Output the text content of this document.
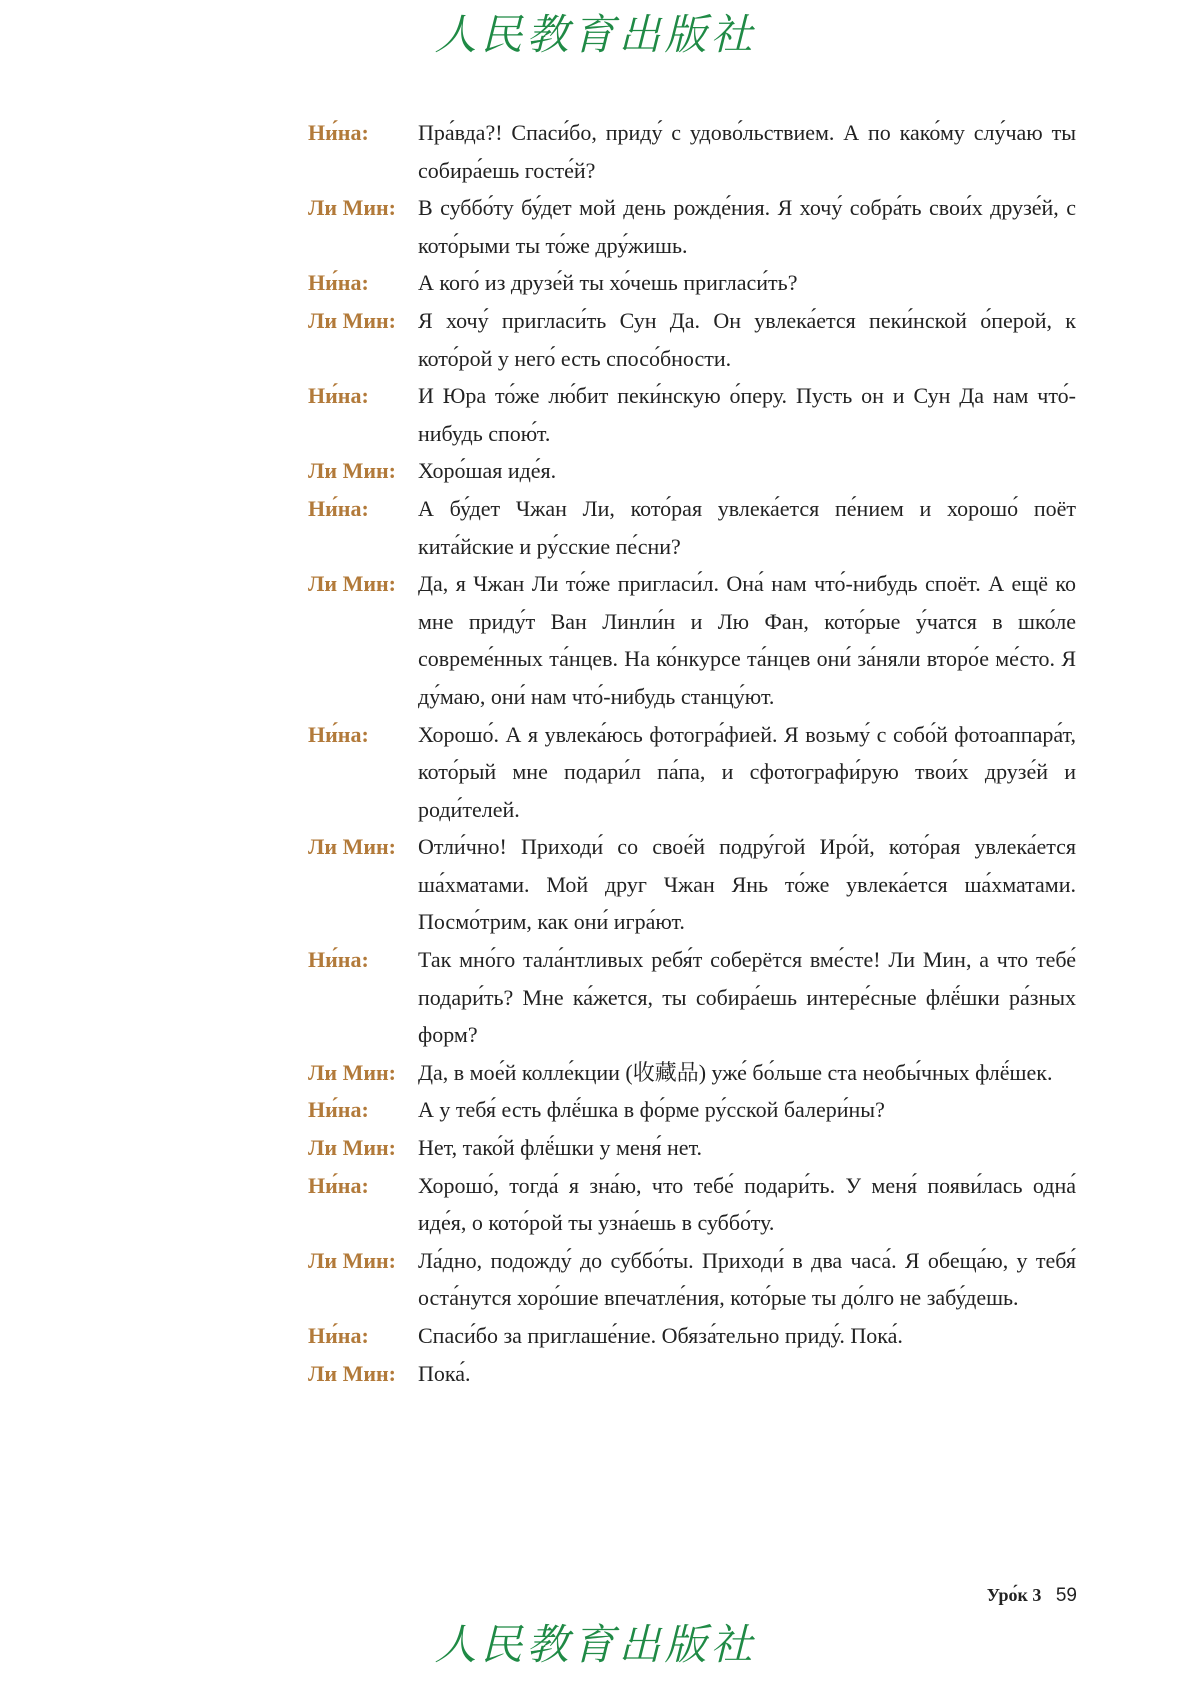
人民教育出版社
Ни́на:	Пра́вда?! Спаси́бо, приду́ с удово́льствием. А по како́му слу́чаю ты собира́ешь госте́й?
Ли Мин: В суббо́ту бу́дет мой день рожде́ния. Я хочу́ собра́ть свои́х друзе́й, с кото́рыми ты то́же дру́жишь.
Ни́на:	А кого́ из друзе́й ты хо́чешь пригласи́ть?
Ли Мин: Я хочу́ пригласи́ть Сун Да. Он увлека́ется пеки́нской о́перой, к кото́рой у него́ есть спосо́бности.
Ни́на:	И Юра то́же лю́бит пеки́нскую о́перу. Пусть он и Сун Да нам что́-нибудь спою́т.
Ли Мин: Хоро́шая иде́я.
Ни́на:	А бу́дет Чжан Ли, кото́рая увлека́ется пе́нием и хорошо́ поёт кита́йские и ру́сские пе́сни?
Ли Мин: Да, я Чжан Ли то́же пригласи́л. Она́ нам что́-нибудь споёт. А ещё ко мне приду́т Ван Линли́н и Лю Фан, кото́рые у́чатся в шко́ле совреме́нных та́нцев. На ко́нкурсе та́нцев они́ за́няли второ́е ме́сто. Я ду́маю, они́ нам что́-нибудь станцу́ют.
Ни́на:	Хорошо́. А я увлека́юсь фотогра́фией. Я возьму́ с собо́й фотоаппара́т, кото́рый мне подари́л па́па, и сфотографи́рую твои́х друзе́й и роди́телей.
Ли Мин: Отли́чно! Приходи́ со свое́й подру́гой Иро́й, кото́рая увлека́ется ша́хматами. Мой друг Чжан Янь то́же увлека́ется ша́хматами. Посмо́трим, как они́ игра́ют.
Ни́на:	Так мно́го тала́нтливых ребя́т соберётся вме́сте! Ли Мин, а что тебе́ подари́ть? Мне ка́жется, ты собира́ешь интере́сные флё́шки ра́зных форм?
Ли Мин: Да, в мое́й колле́кции (收藏品) уже́ бо́льше ста необы́чных флё́шек.
Ни́на:	А у тебя́ есть флё́шка в фо́рме ру́сской балери́ны?
Ли Мин: Нет, тако́й флё́шки у меня́ нет.
Ни́на:	Хорошо́, тогда́ я зна́ю, что тебе́ подари́ть. У меня́ появи́лась одна́ иде́я, о кото́рой ты узна́ешь в суббо́ту.
Ли Мин: Ла́дно, подожду́ до суббо́ты. Приходи́ в два часа́. Я обеща́ю, у тебя́ оста́нутся хоро́шие впечатле́ния, кото́рые ты до́лго не забу́дешь.
Ни́на:	Спаси́бо за приглаше́ние. Обяза́тельно приду́. Пока́.
Ли Мин: Пока́.
Уро́к 3 59
人民教育出版社
